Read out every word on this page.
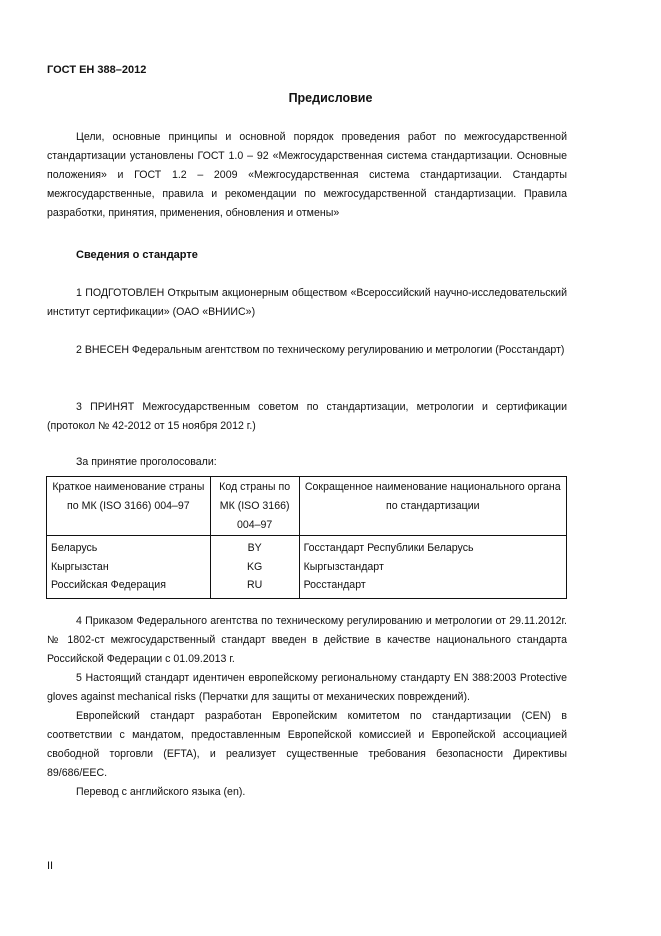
ГОСТ ЕН 388–2012
Предисловие
Цели, основные принципы и основной порядок проведения работ по межгосударственной стандартизации установлены ГОСТ 1.0 – 92 «Межгосударственная система стандартизации. Основные положения» и ГОСТ 1.2 – 2009 «Межгосударственная система стандартизации. Стандарты межгосударственные, правила и рекомендации по межгосударственной стандартизации. Правила разработки, принятия, применения, обновления и отмены»
Сведения о стандарте
1 ПОДГОТОВЛЕН Открытым акционерным обществом «Всероссийский научно-исследовательский институт сертификации» (ОАО «ВНИИС»)
2 ВНЕСЕН Федеральным агентством по техническому регулированию и метрологии (Росстандарт)
3 ПРИНЯТ Межгосударственным советом по стандартизации, метрологии и сертификации (протокол № 42-2012 от 15 ноября 2012 г.)
За принятие проголосовали:
Краткое наименование страны по МК (ISO 3166) 004–97	Код страны по МК (ISO 3166) 004–97	Сокращенное наименование национального органа по стандартизации
Беларусь	BY	Госстандарт Республики Беларусь
Кыргызстан	KG	Кыргызстандарт
Российская Федерация	RU	Росстандарт
4 Приказом Федерального агентства по техническому регулированию и метрологии от 29.11.2012г. № 1802-ст межгосударственный стандарт введен в действие в качестве национального стандарта Российской Федерации с 01.09.2013 г.
5 Настоящий стандарт идентичен европейскому региональному стандарту EN 388:2003 Protective gloves against mechanical risks (Перчатки для защиты от механических повреждений).
Европейский стандарт разработан Европейским комитетом по стандартизации (CEN) в соответствии с мандатом, предоставленным Европейской комиссией и Европейской ассоциацией свободной торговли (EFTA), и реализует существенные требования безопасности Директивы 89/686/EEC.
Перевод с английского языка (en).
II
